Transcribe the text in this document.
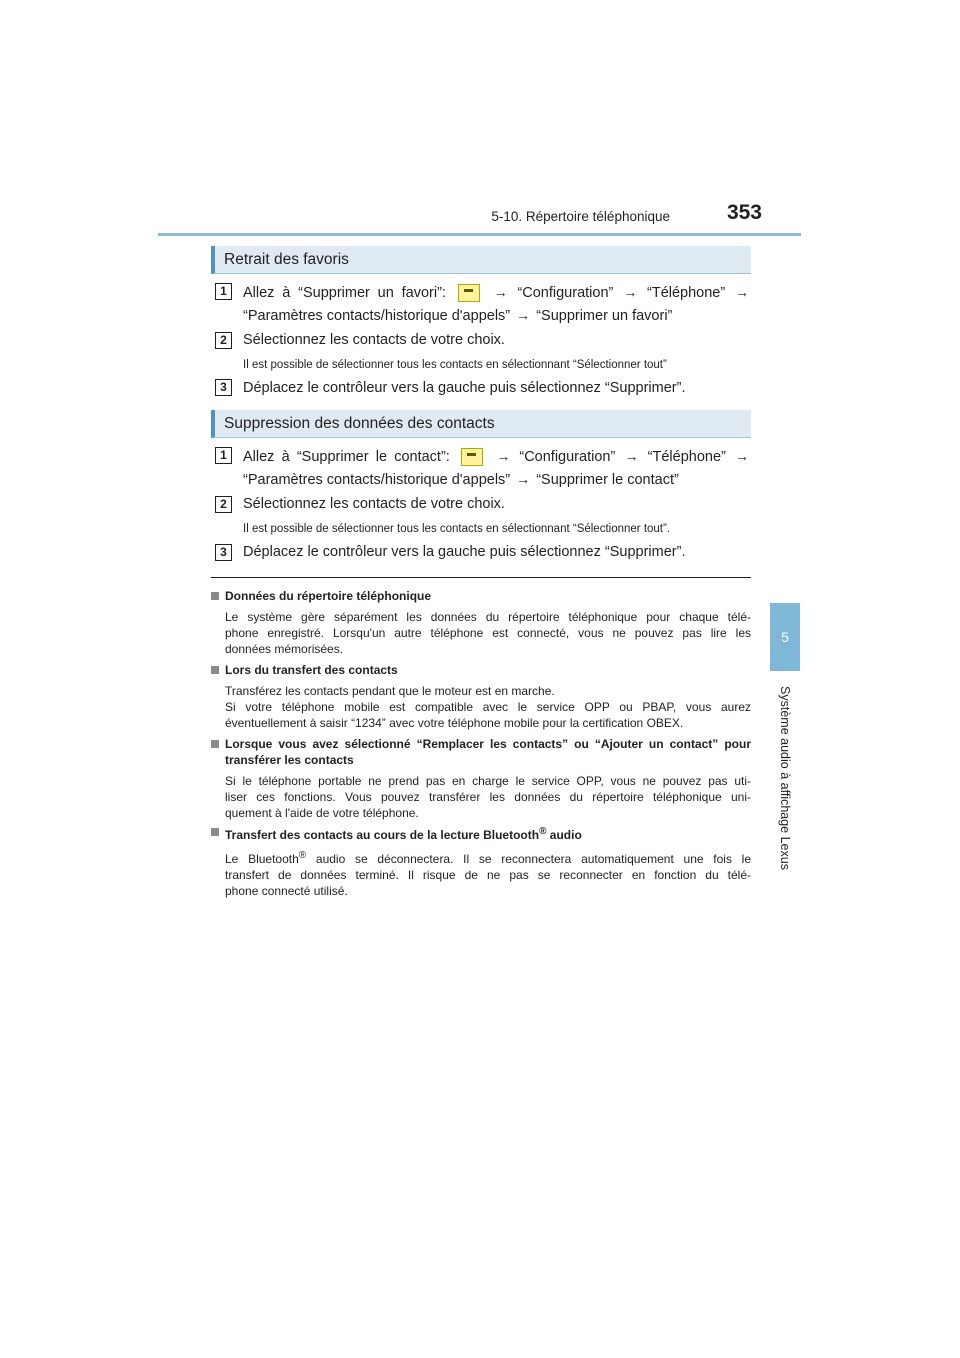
5-10. Répertoire téléphonique	353
5
Système audio à affichage Lexus
Retrait des favoris
1	Allez à “Supprimer un favori”:	→ “Configuration” → “Téléphone” →
“Paramètres contacts/historique d'appels” → “Supprimer un favori”
2	Sélectionnez les contacts de votre choix.
Il est possible de sélectionner tous les contacts en sélectionnant “Sélectionner tout”
3	Déplacez le contrôleur vers la gauche puis sélectionnez “Supprimer”.
Suppression des données des contacts
1	Allez à “Supprimer le contact”:	→ “Configuration” → “Téléphone” →
“Paramètres contacts/historique d'appels” → “Supprimer le contact”
2	Sélectionnez les contacts de votre choix.
Il est possible de sélectionner tous les contacts en sélectionnant “Sélectionner tout”.
3	Déplacez le contrôleur vers la gauche puis sélectionnez “Supprimer”.
Données du répertoire téléphonique
Le système gère séparément les données du répertoire téléphonique pour chaque télé-
phone enregistré. Lorsqu'un autre téléphone est connecté, vous ne pouvez pas lire les
données mémorisées.
Lors du transfert des contacts
Transférez les contacts pendant que le moteur est en marche.
Si votre téléphone mobile est compatible avec le service OPP ou PBAP, vous aurez
éventuellement à saisir “1234” avec votre téléphone mobile pour la certification OBEX.
Lorsque vous avez sélectionné “Remplacer les contacts” ou “Ajouter un contact” pour
transférer les contacts
Si le téléphone portable ne prend pas en charge le service OPP, vous ne pouvez pas uti-
liser ces fonctions. Vous pouvez transférer les données du répertoire téléphonique uni-
quement à l'aide de votre téléphone.
Transfert des contacts au cours de la lecture Bluetooth® audio
Le Bluetooth® audio se déconnectera. Il se reconnectera automatiquement une fois le
transfert de données terminé. Il risque de ne pas se reconnecter en fonction du télé-
phone connecté utilisé.
